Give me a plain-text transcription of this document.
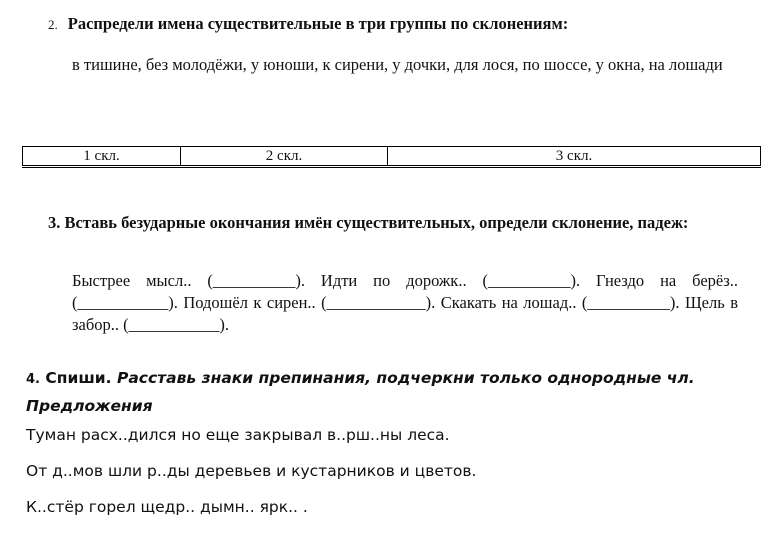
2. Распредели имена существительные в три группы по склонениям:
в тишине, без молодёжи, у юноши, к сирени, у дочки, для лося, по шоссе, у окна, на лошади
1 скл.	2 скл.	3 скл.
3. Вставь безударные окончания имён существительных, определи склонение, падеж:
Быстрее мысл.. (__________). Идти по дорожк.. (__________). Гнездо на берёз.. (___________). Подошёл к сирен.. (____________). Скакать на лошад.. (__________). Щель в забор.. (___________).
4. Спиши. Расставь знаки препинания, подчеркни только однородные чл. Предложения
Туман расх..дился но еще закрывал в..рш..ны леса.
От д..мов шли р..ды деревьев и кустарников и цветов.
К..стёр горел щедр.. дымн.. ярк.. .
